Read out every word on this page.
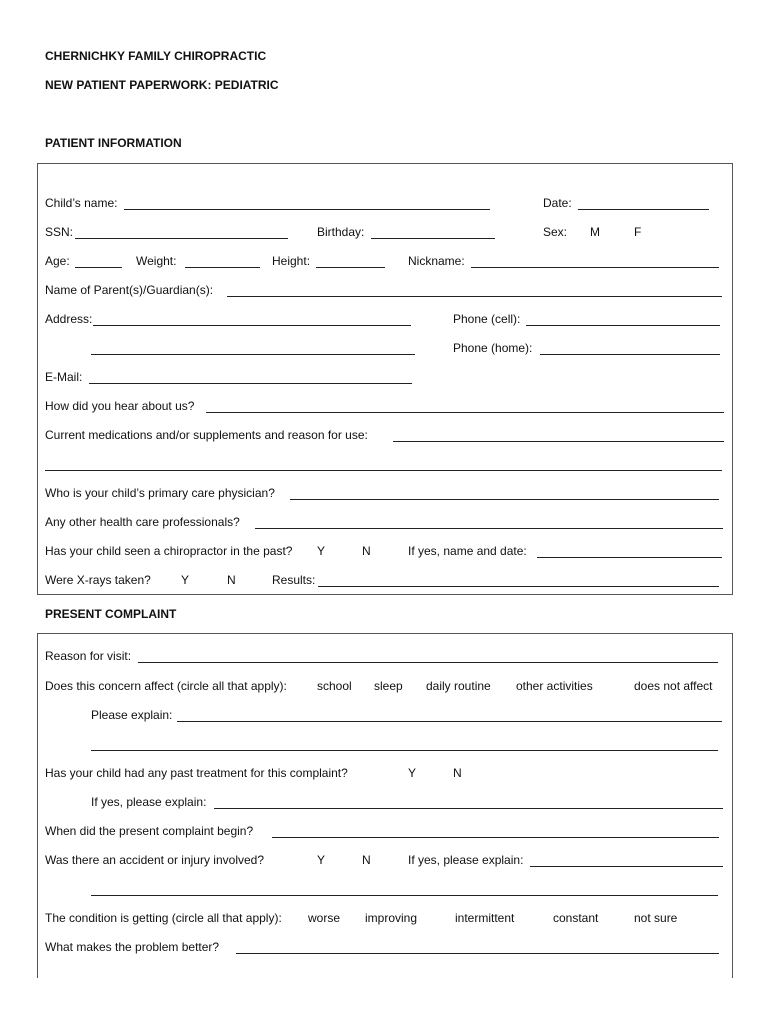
CHERNICHKY FAMILY CHIROPRACTIC
NEW PATIENT PAPERWORK: PEDIATRIC
PATIENT INFORMATION
Child’s name:	Date:
SSN:	Birthday:	Sex: M	F
Age:	Weight:	Height:	Nickname:
Name of Parent(s)/Guardian(s):
Address:	Phone (cell):
Phone (home):
E-Mail:
How did you hear about us?
Current medications and/or supplements and reason for use:
Who is your child’s primary care physician?
Any other health care professionals?
Has your child seen a chiropractor in the past? Y	N	If yes, name and date:
Were X-rays taken?	Y	N	Results:
PRESENT COMPLAINT
Reason for visit:
Does this concern affect (circle all that apply):	school sleep daily routine other activities	does not affect
Please explain:
Has your child had any past treatment for this complaint?	Y	N
If yes, please explain:
When did the present complaint begin?
Was there an accident or injury involved?	Y	N	If yes, please explain:
The condition is getting (circle all that apply): worse improving	intermittent	constant	not sure
What makes the problem better?
